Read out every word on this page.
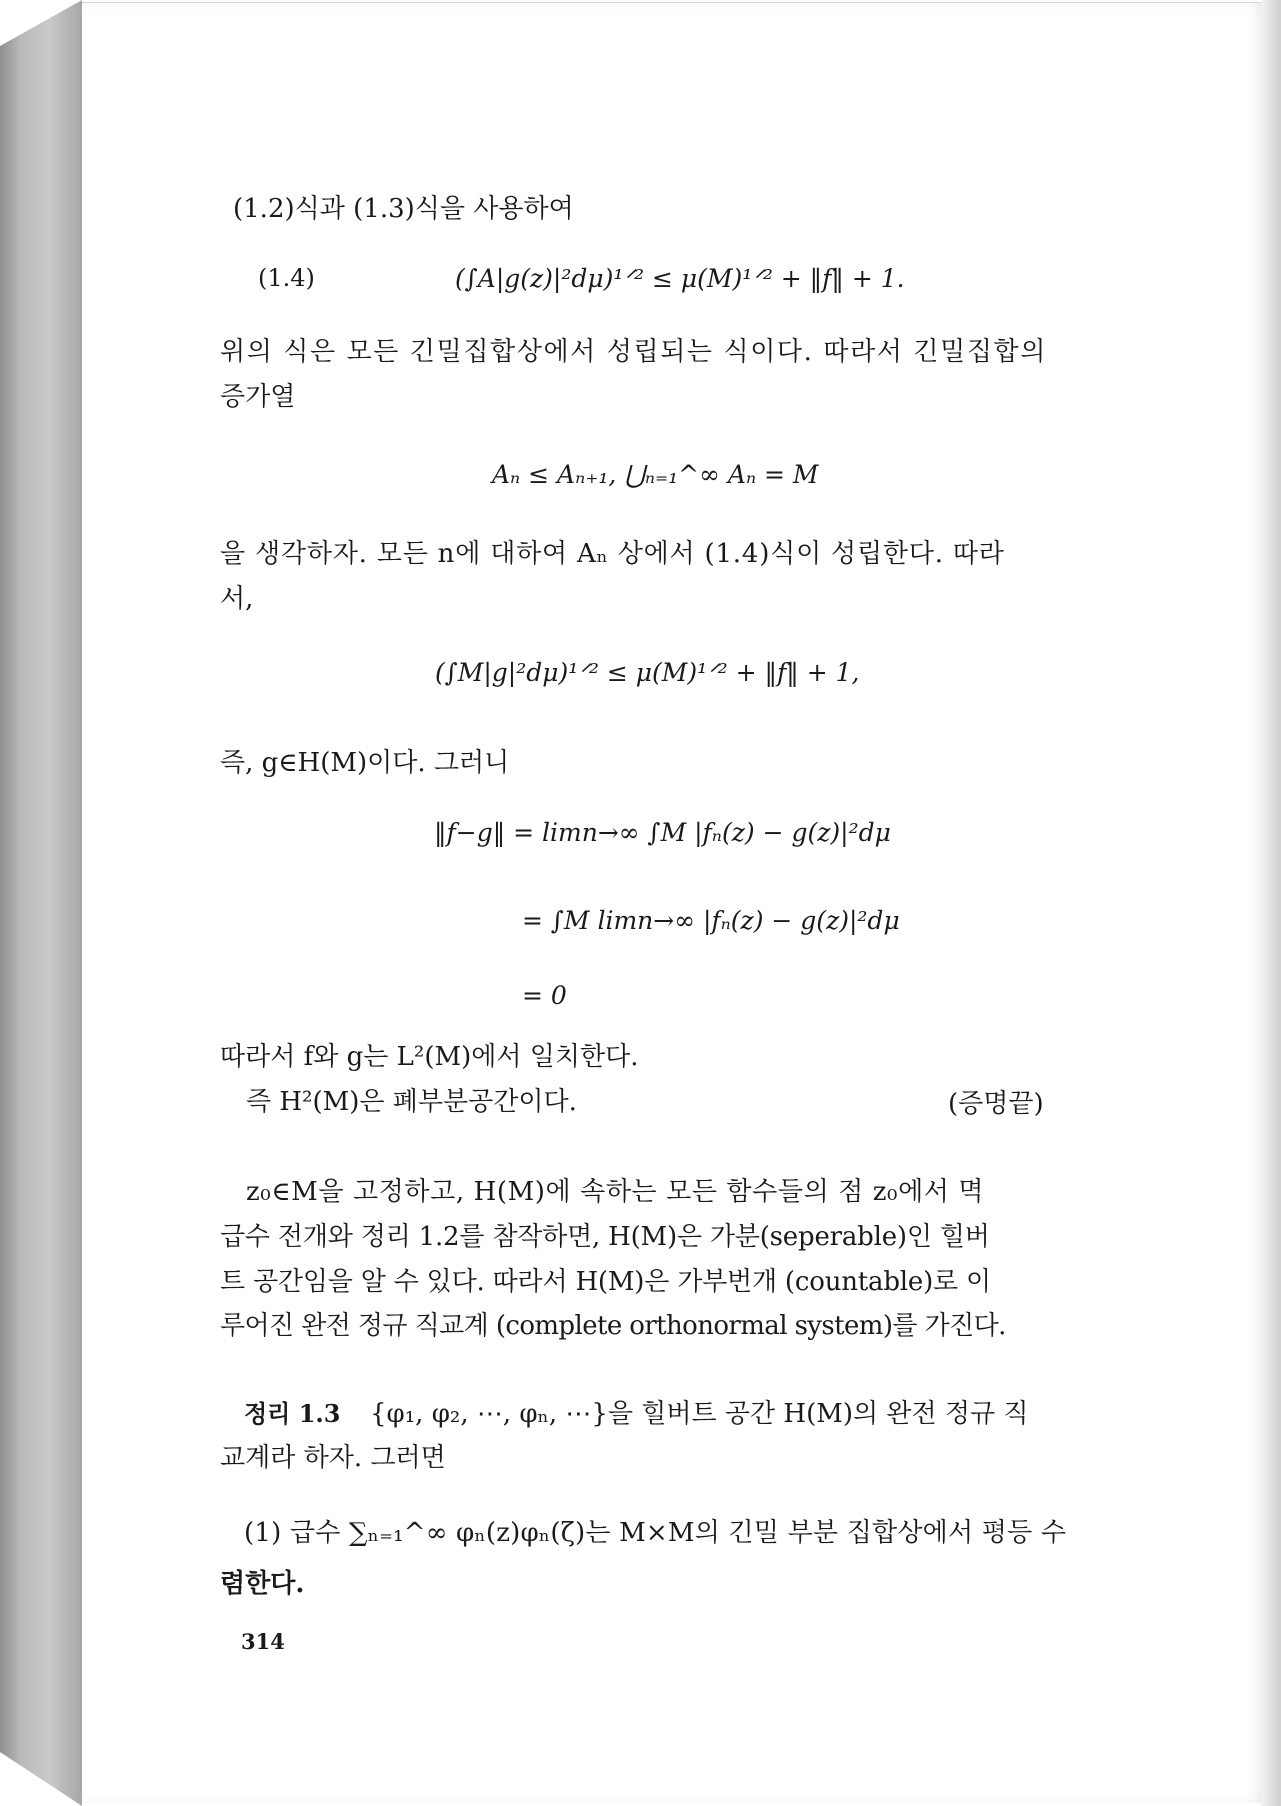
(1.2)식과 (1.3)식을 사용하여
(1.4)	(∫A|g(z)|²dμ)¹ᐟ² ≤ μ(M)¹ᐟ² + ‖f‖ + 1.
위의 식은 모든 긴밀집합상에서 성립되는 식이다. 따라서 긴밀집합의
증가열
Aₙ ≤ Aₙ₊₁, ⋃ₙ₌₁^∞ Aₙ = M
을 생각하자. 모든 n에 대하여 Aₙ 상에서 (1.4)식이 성립한다. 따라
서,
(∫M|g|²dμ)¹ᐟ² ≤ μ(M)¹ᐟ² + ‖f‖ + 1,
즉, g∈H(M)이다. 그러니
‖f−g‖ = limn→∞ ∫M |fₙ(z) − g(z)|²dμ
= ∫M limn→∞ |fₙ(z) − g(z)|²dμ
= 0
따라서 f와 g는 L²(M)에서 일치한다.
즉 H²(M)은 폐부분공간이다.	(증명끝)
z₀∈M을 고정하고, H(M)에 속하는 모든 함수들의 점 z₀에서 멱
급수 전개와 정리 1.2를 참작하면, H(M)은 가분(seperable)인 힐버
트 공간임을 알 수 있다. 따라서 H(M)은 가부번개 (countable)로 이
루어진 완전 정규 직교계 (complete orthonormal system)를 가진다.
정리 1.3 {φ₁, φ₂, ⋯, φₙ, ⋯}을 힐버트 공간 H(M)의 완전 정규 직
교계라 하자. 그러면
(1) 급수 ∑ₙ₌₁^∞ φₙ(z)φₙ(ζ)는 M×M의 긴밀 부분 집합상에서 평등 수
렴한다.
314
